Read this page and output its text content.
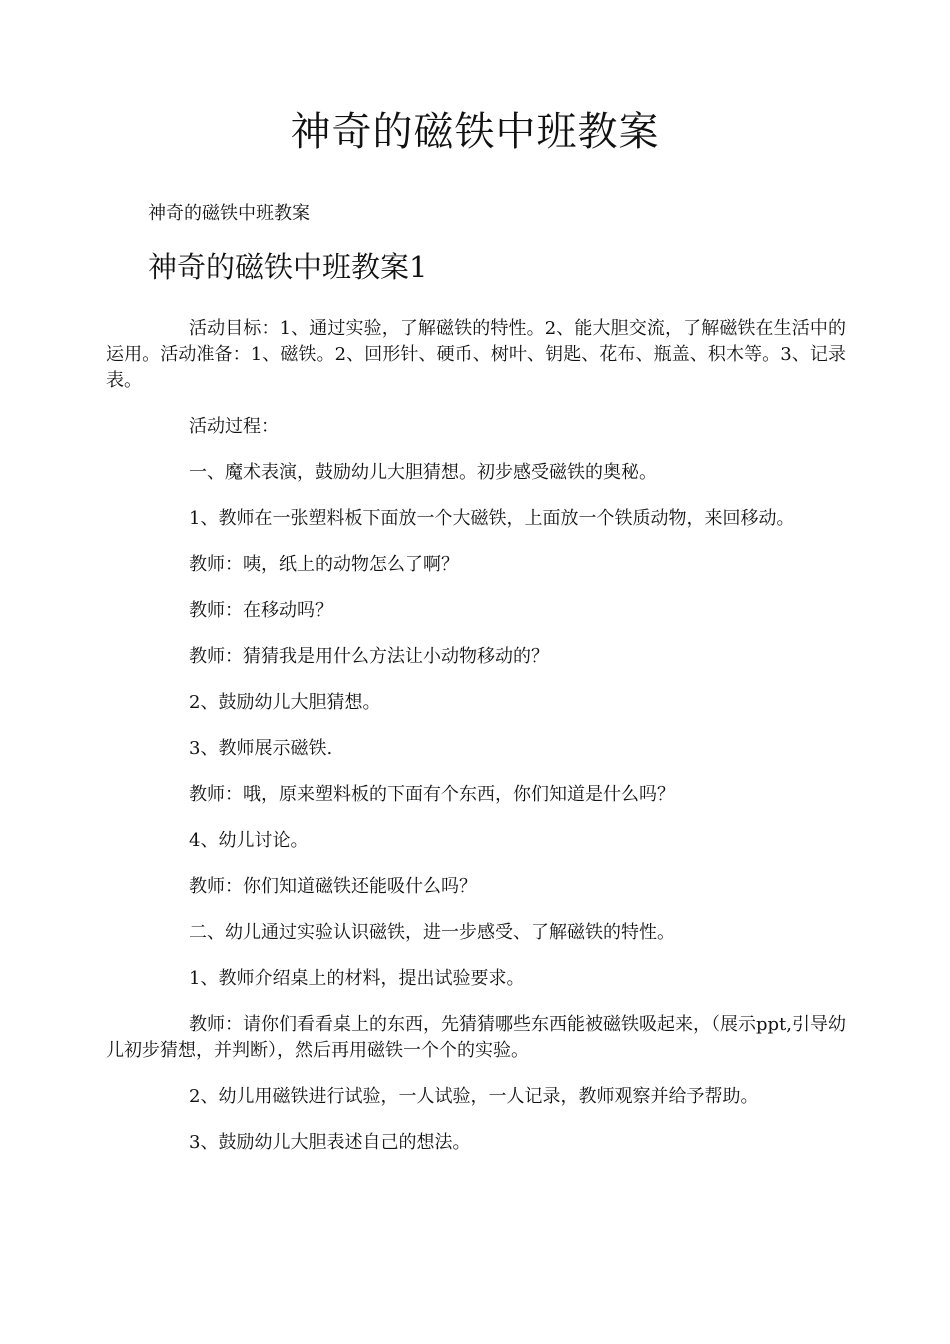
神奇的磁铁中班教案
神奇的磁铁中班教案
神奇的磁铁中班教案1

活动目标：1、通过实验，了解磁铁的特性。2、能大胆交流，了解磁铁在生活中的运用。活动准备：1、磁铁。2、回形针、硬币、树叶、钥匙、花布、瓶盖、积木等。3、记录表。

活动过程：

一、魔术表演，鼓励幼儿大胆猜想。初步感受磁铁的奥秘。

1、教师在一张塑料板下面放一个大磁铁，上面放一个铁质动物，来回移动。

教师：咦，纸上的动物怎么了啊？

教师：在移动吗？

教师：猜猜我是用什么方法让小动物移动的？

2、鼓励幼儿大胆猜想。

3、教师展示磁铁.

教师：哦，原来塑料板的下面有个东西，你们知道是什么吗？

4、幼儿讨论。

教师：你们知道磁铁还能吸什么吗？

二、幼儿通过实验认识磁铁，进一步感受、了解磁铁的特性。

1、教师介绍桌上的材料，提出试验要求。

教师：请你们看看桌上的东西，先猜猜哪些东西能被磁铁吸起来，（展示ppt,引导幼儿初步猜想，并判断），然后再用磁铁一个个的实验。

2、幼儿用磁铁进行试验，一人试验，一人记录，教师观察并给予帮助。

3、鼓励幼儿大胆表述自己的想法。
